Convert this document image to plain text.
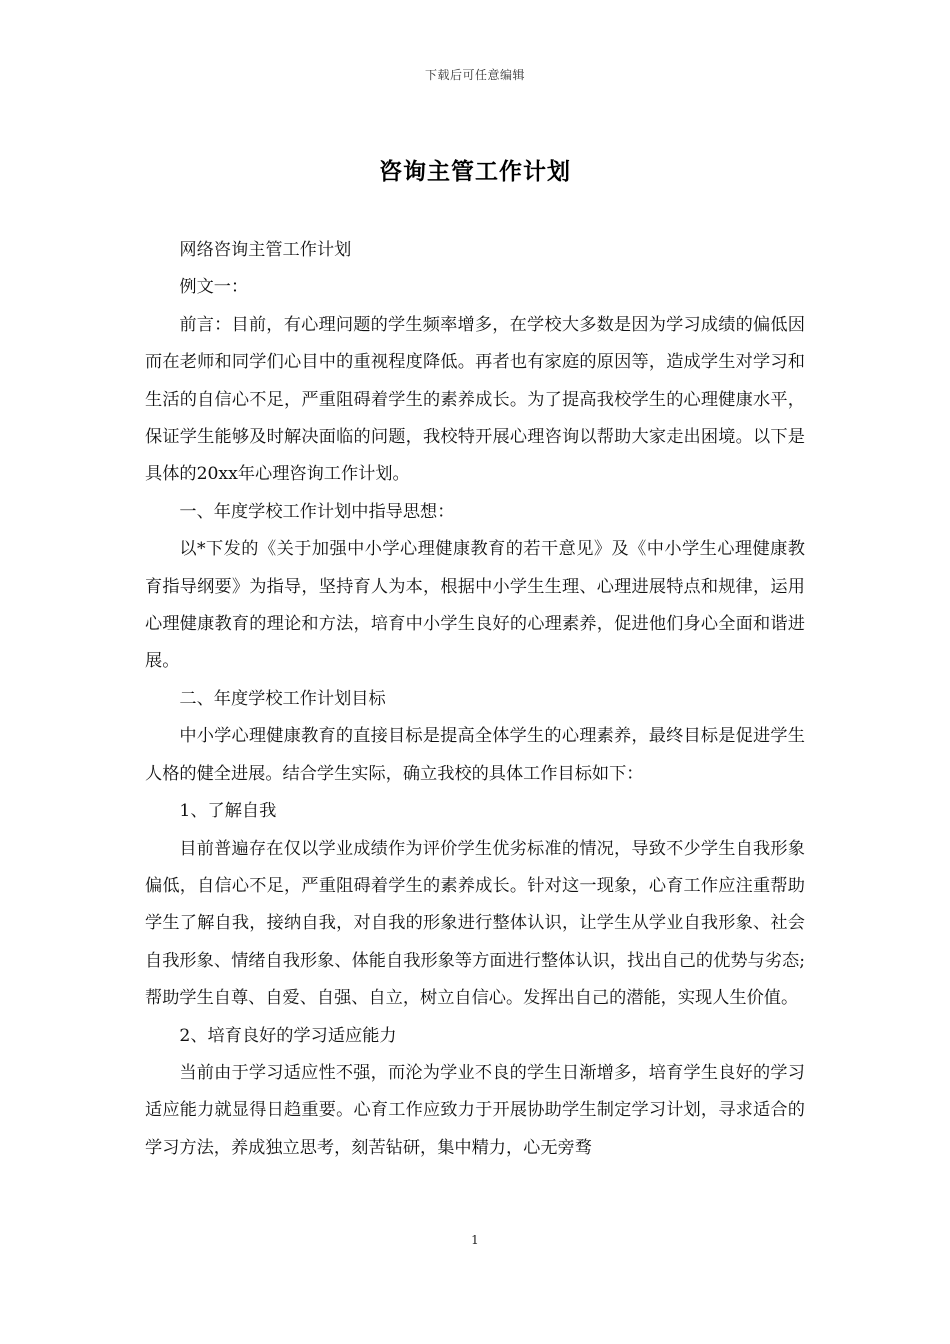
下载后可任意编辑
咨询主管工作计划

网络咨询主管工作计划

例文一：

前言：目前，有心理问题的学生频率增多，在学校大多数是因为学习成绩的偏低因而在老师和同学们心目中的重视程度降低。再者也有家庭的原因等，造成学生对学习和生活的自信心不足，严重阻碍着学生的素养成长。为了提高我校学生的心理健康水平，保证学生能够及时解决面临的问题，我校特开展心理咨询以帮助大家走出困境。以下是具体的20xx年心理咨询工作计划。

一、年度学校工作计划中指导思想：

以*下发的《关于加强中小学心理健康教育的若干意见》及《中小学生心理健康教育指导纲要》为指导，坚持育人为本，根据中小学生生理、心理进展特点和规律，运用心理健康教育的理论和方法，培育中小学生良好的心理素养，促进他们身心全面和谐进展。

二、年度学校工作计划目标

中小学心理健康教育的直接目标是提高全体学生的心理素养，最终目标是促进学生人格的健全进展。结合学生实际，确立我校的具体工作目标如下：

1、了解自我

目前普遍存在仅以学业成绩作为评价学生优劣标准的情况，导致不少学生自我形象偏低，自信心不足，严重阻碍着学生的素养成长。针对这一现象，心育工作应注重帮助学生了解自我，接纳自我，对自我的形象进行整体认识，让学生从学业自我形象、社会自我形象、情绪自我形象、体能自我形象等方面进行整体认识，找出自己的优势与劣态;帮助学生自尊、自爱、自强、自立，树立自信心。发挥出自己的潜能，实现人生价值。

2、培育良好的学习适应能力

当前由于学习适应性不强，而沦为学业不良的学生日渐增多，培育学生良好的学习适应能力就显得日趋重要。心育工作应致力于开展协助学生制定学习计划，寻求适合的学习方法，养成独立思考，刻苦钻研，集中精力，心无旁骛

1
